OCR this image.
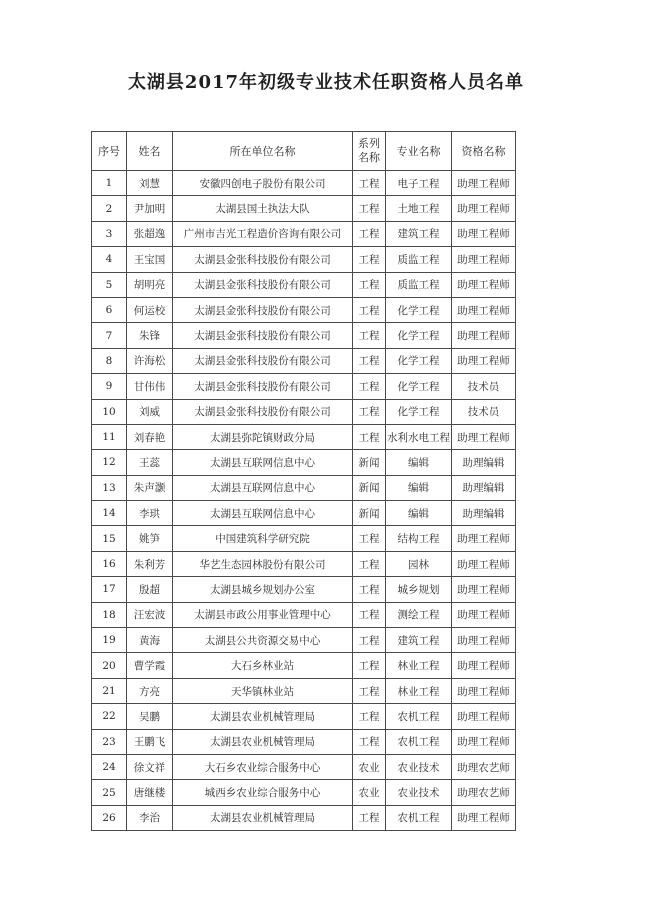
太湖县2017年初级专业技术任职资格人员名单
序号	姓名	所在单位名称	系列名称	专业名称	资格名称
1	刘慧	安徽四创电子股份有限公司	工程	电子工程	助理工程师
2	尹加明	太湖县国土执法大队	工程	土地工程	助理工程师
3	张超逸	广州市吉光工程造价咨询有限公司	工程	建筑工程	助理工程师
4	王宝国	太湖县金张科技股份有限公司	工程	质监工程	助理工程师
5	胡明亮	太湖县金张科技股份有限公司	工程	质监工程	助理工程师
6	何运校	太湖县金张科技股份有限公司	工程	化学工程	助理工程师
7	朱锋	太湖县金张科技股份有限公司	工程	化学工程	助理工程师
8	许海松	太湖县金张科技股份有限公司	工程	化学工程	助理工程师
9	甘伟伟	太湖县金张科技股份有限公司	工程	化学工程	技术员
10	刘威	太湖县金张科技股份有限公司	工程	化学工程	技术员
11	刘春艳	太湖县弥陀镇财政分局	工程	水利水电工程	助理工程师
12	王蕊	太湖县互联网信息中心	新闻	编辑	助理编辑
13	朱声灏	太湖县互联网信息中心	新闻	编辑	助理编辑
14	李珙	太湖县互联网信息中心	新闻	编辑	助理编辑
15	姚笋	中国建筑科学研究院	工程	结构工程	助理工程师
16	朱利芳	华艺生态园林股份有限公司	工程	园林	助理工程师
17	殷超	太湖县城乡规划办公室	工程	城乡规划	助理工程师
18	汪宏波	太湖县市政公用事业管理中心	工程	测绘工程	助理工程师
19	黄海	太湖县公共资源交易中心	工程	建筑工程	助理工程师
20	曹学霞	大石乡林业站	工程	林业工程	助理工程师
21	方亮	天华镇林业站	工程	林业工程	助理工程师
22	吴鹏	太湖县农业机械管理局	工程	农机工程	助理工程师
23	王鹏飞	太湖县农业机械管理局	工程	农机工程	助理工程师
24	徐文祥	大石乡农业综合服务中心	农业	农业技术	助理农艺师
25	唐继楼	城西乡农业综合服务中心	农业	农业技术	助理农艺师
26	李治	太湖县农业机械管理局	工程	农机工程	助理工程师
